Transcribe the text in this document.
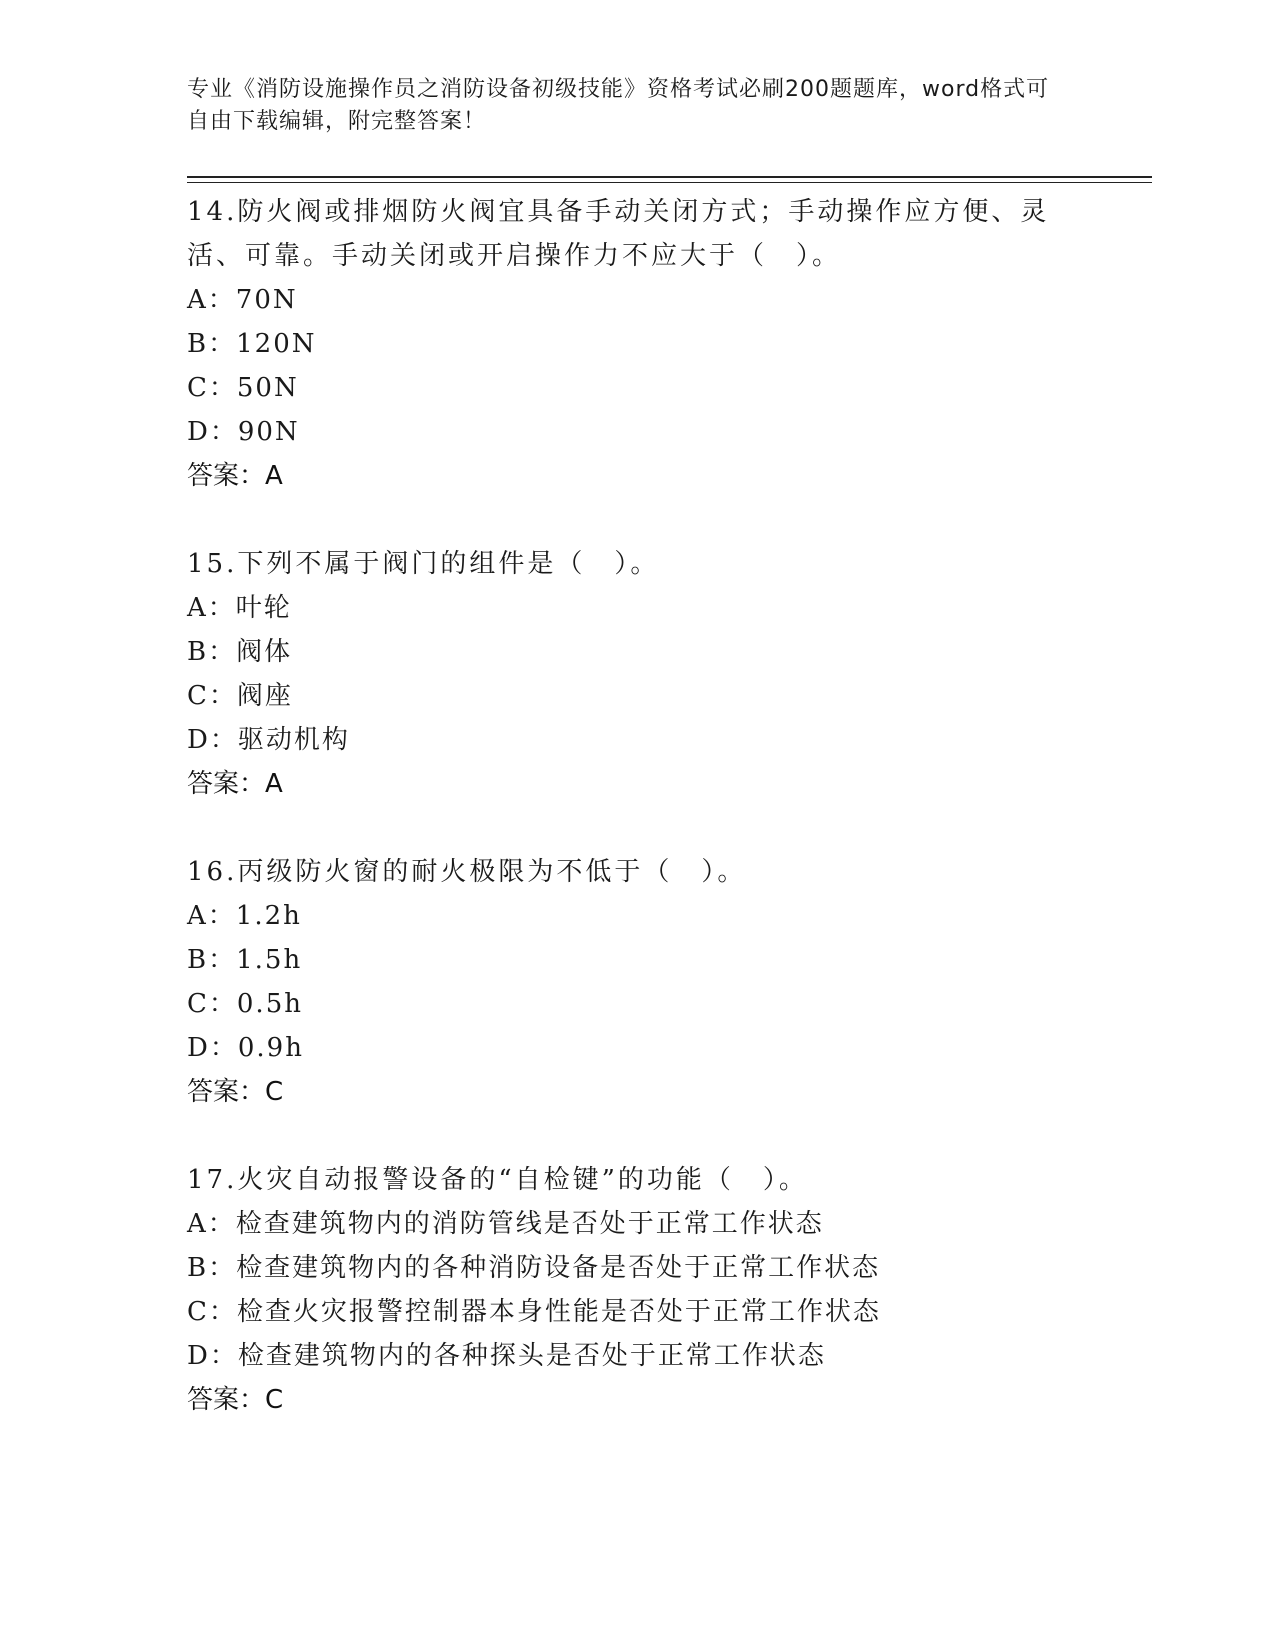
专业《消防设施操作员之消防设备初级技能》资格考试必刷200题题库，word格式可自由下载编辑，附完整答案！

14.防火阀或排烟防火阀宜具备手动关闭方式；手动操作应方便、灵活、可靠。手动关闭或开启操作力不应大于（　）。

A：70N

B：120N

C：50N

D：90N

答案：A

15.下列不属于阀门的组件是（　）。

A：叶轮

B：阀体

C：阀座

D：驱动机构

答案：A

16.丙级防火窗的耐火极限为不低于（　）。

A：1.2h

B：1.5h

C：0.5h

D：0.9h

答案：C

17.火灾自动报警设备的“自检键”的功能（　）。

A：检查建筑物内的消防管线是否处于正常工作状态

B：检查建筑物内的各种消防设备是否处于正常工作状态

C：检查火灾报警控制器本身性能是否处于正常工作状态

D：检查建筑物内的各种探头是否处于正常工作状态

答案：C
